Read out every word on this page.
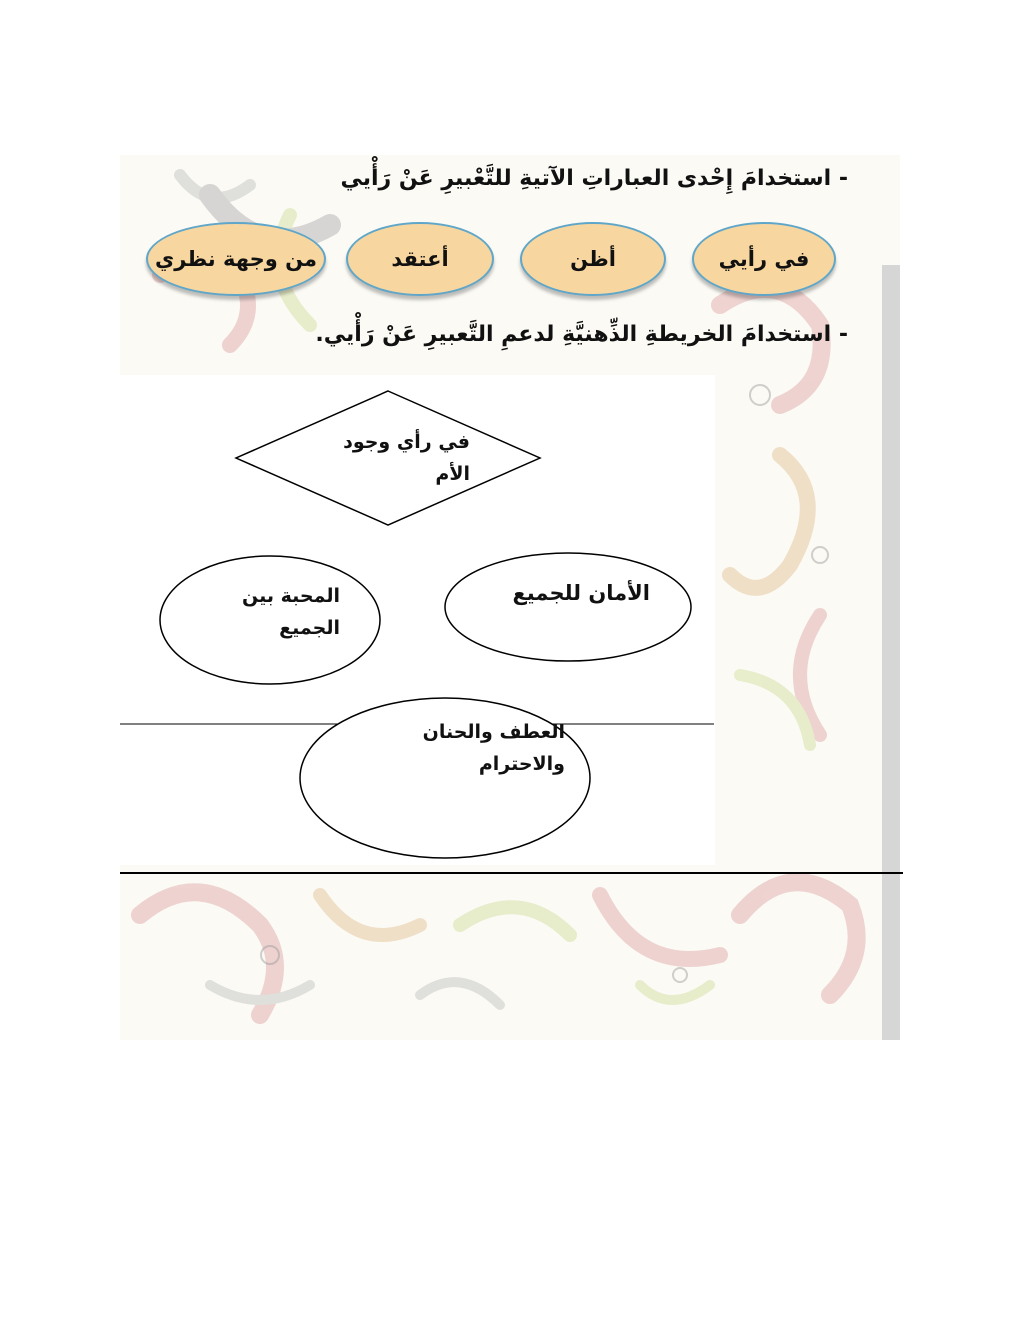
- استخدامَ إِحْدى العباراتِ الآتيةِ للتَّعْبيرِ عَنْ رَأْيي
في رأيي
أظن
أعتقد
من وجهة نظري
- استخدامَ الخريطةِ الذِّهنيَّةِ لدعمِ التَّعبيرِ عَنْ رَأْيي.
في رأي وجود
الأم
الأمان للجميع
المحبة بين
الجميع
العطف والحنان
والاحترام
